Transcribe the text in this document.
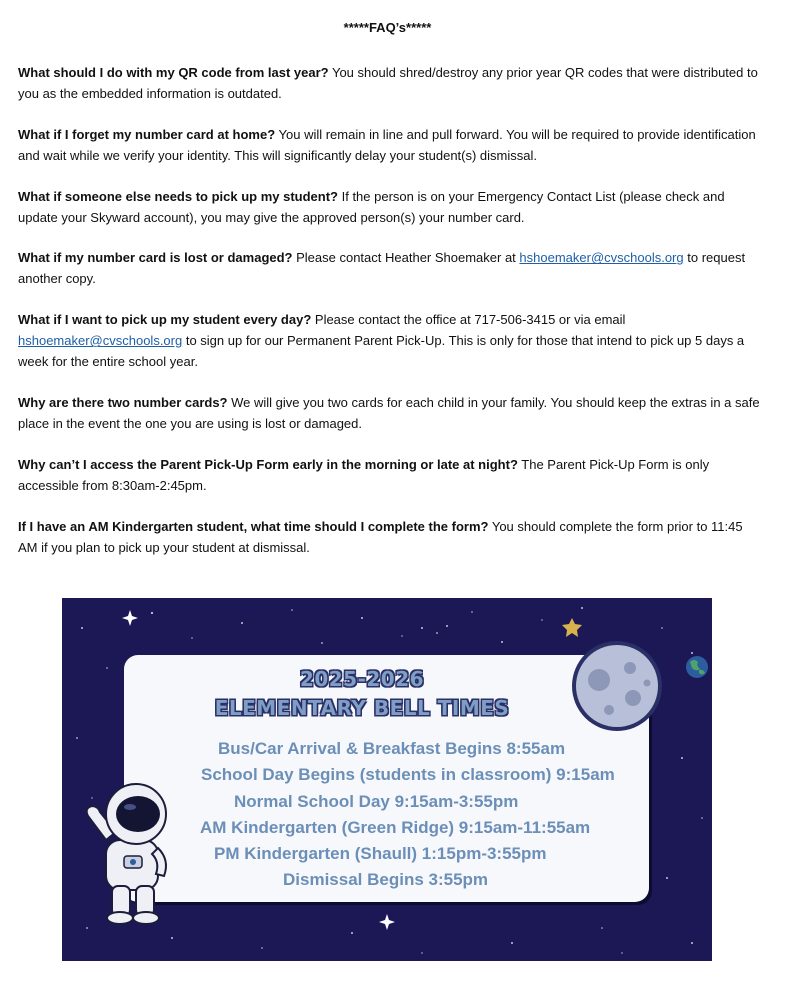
*****FAQ’s*****

What should I do with my QR code from last year? You should shred/destroy any prior year QR codes that were distributed to you as the embedded information is outdated.

What if I forget my number card at home? You will remain in line and pull forward. You will be required to provide identification and wait while we verify your identity. This will significantly delay your student(s) dismissal.

What if someone else needs to pick up my student? If the person is on your Emergency Contact List (please check and update your Skyward account), you may give the approved person(s) your number card.

What if my number card is lost or damaged? Please contact Heather Shoemaker at hshoemaker@cvschools.org to request another copy.

What if I want to pick up my student every day? Please contact the office at 717-506-3415 or via email hshoemaker@cvschools.org to sign up for our Permanent Parent Pick-Up. This is only for those that intend to pick up 5 days a week for the entire school year.

Why are there two number cards? We will give you two cards for each child in your family. You should keep the extras in a safe place in the event the one you are using is lost or damaged.

Why can’t I access the Parent Pick-Up Form early in the morning or late at night? The Parent Pick-Up Form is only accessible from 8:30am-2:45pm.

If I have an AM Kindergarten student, what time should I complete the form? You should complete the form prior to 11:45 AM if you plan to pick up your student at dismissal.

2025-2026
ELEMENTARY BELL TIMES
Bus/Car Arrival & Breakfast Begins 8:55am
School Day Begins (students in classroom) 9:15am
Normal School Day 9:15am-3:55pm
AM Kindergarten (Green Ridge) 9:15am-11:55am
PM Kindergarten (Shaull) 1:15pm-3:55pm
Dismissal Begins 3:55pm
